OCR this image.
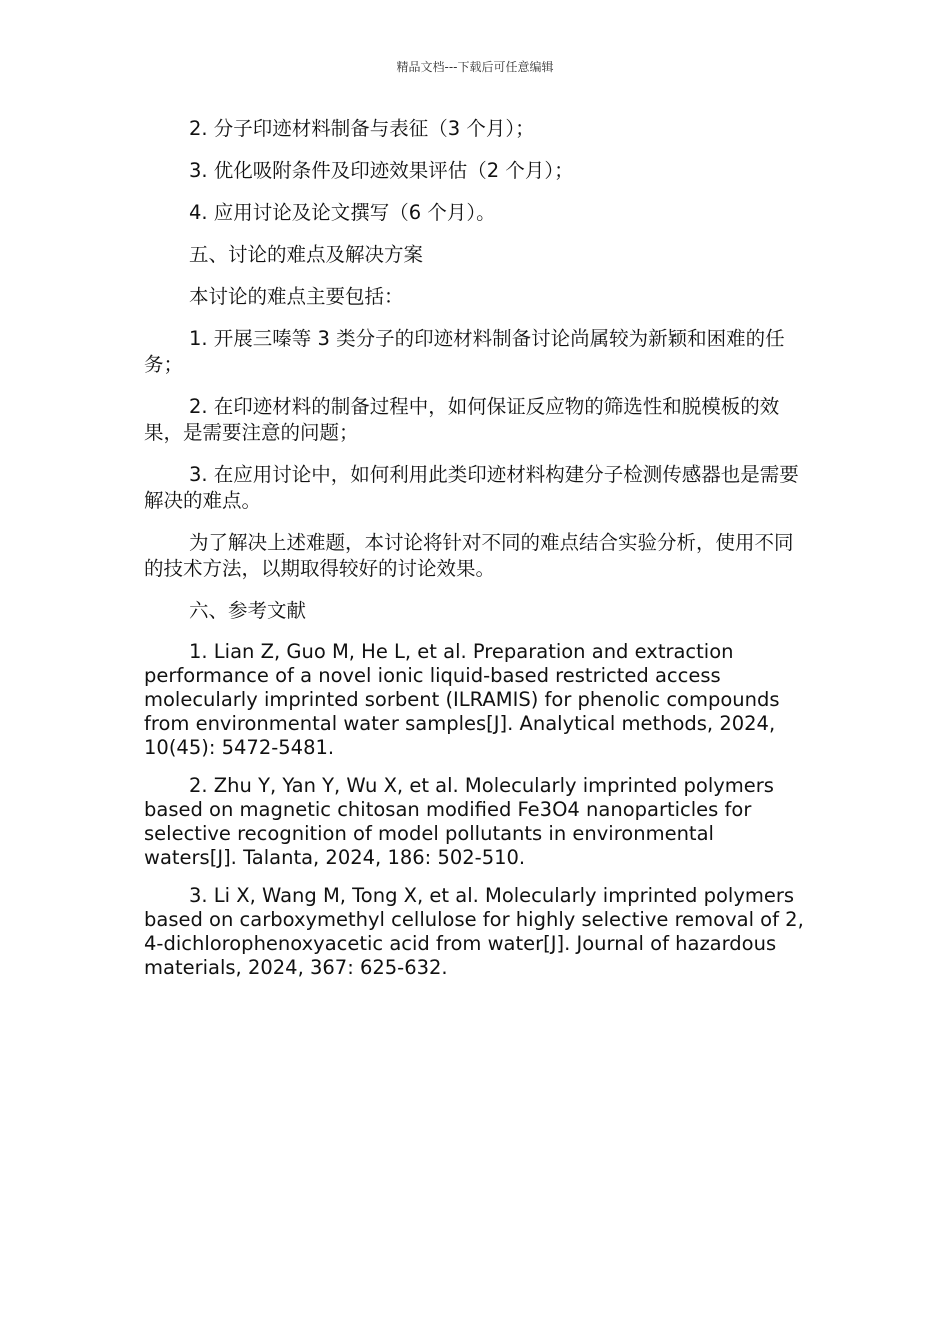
精品文档---下载后可任意编辑

2. 分子印迹材料制备与表征（3 个月）；

3. 优化吸附条件及印迹效果评估（2 个月）；

4. 应用讨论及论文撰写（6 个月）。

五、讨论的难点及解决方案

本讨论的难点主要包括：

1. 开展三嗪等 3 类分子的印迹材料制备讨论尚属较为新颖和困难的任务；

2. 在印迹材料的制备过程中，如何保证反应物的筛选性和脱模板的效果，是需要注意的问题；

3. 在应用讨论中，如何利用此类印迹材料构建分子检测传感器也是需要解决的难点。

为了解决上述难题，本讨论将针对不同的难点结合实验分析，使用不同的技术方法，以期取得较好的讨论效果。

六、参考文献

1. Lian Z, Guo M, He L, et al. Preparation and extraction performance of a novel ionic liquid-based restricted access molecularly imprinted sorbent (ILRAMIS) for phenolic compounds from environmental water samples[J]. Analytical methods, 2024, 10(45): 5472-5481.

2. Zhu Y, Yan Y, Wu X, et al. Molecularly imprinted polymers based on magnetic chitosan modified Fe3O4 nanoparticles for selective recognition of model pollutants in environmental waters[J]. Talanta, 2024, 186: 502-510.

3. Li X, Wang M, Tong X, et al. Molecularly imprinted polymers based on carboxymethyl cellulose for highly selective removal of 2, 4-dichlorophenoxyacetic acid from water[J]. Journal of hazardous materials, 2024, 367: 625-632.
